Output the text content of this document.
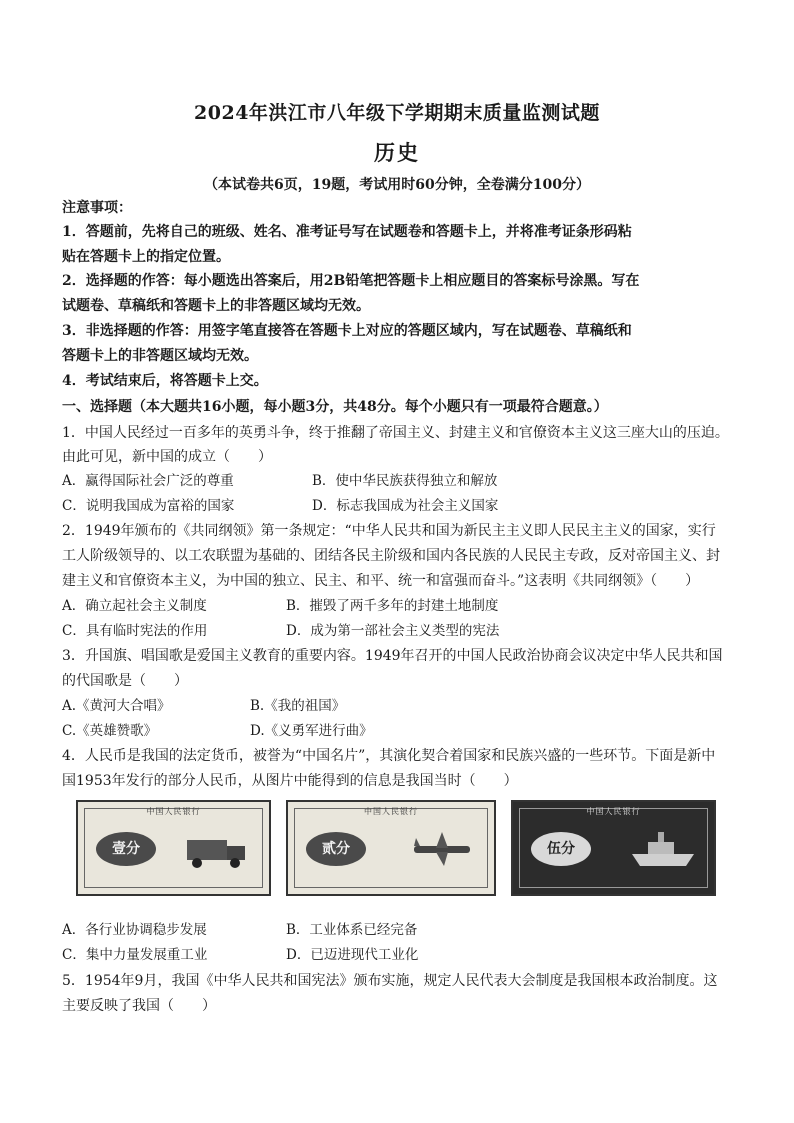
2024年洪江市八年级下学期期末质量监测试题
历史
（本试卷共6页，19题，考试用时60分钟，全卷满分100分）
注意事项：
1．答题前，先将自己的班级、姓名、准考证号写在试题卷和答题卡上，并将准考证条形码粘
贴在答题卡上的指定位置。
2．选择题的作答：每小题选出答案后，用2B铅笔把答题卡上相应题目的答案标号涂黑。写在
试题卷、草稿纸和答题卡上的非答题区域均无效。
3．非选择题的作答：用签字笔直接答在答题卡上对应的答题区域内，写在试题卷、草稿纸和
答题卡上的非答题区域均无效。
4．考试结束后，将答题卡上交。
一、选择题（本大题共16小题，每小题3分，共48分。每个小题只有一项最符合题意。）
1．中国人民经过一百多年的英勇斗争，终于推翻了帝国主义、封建主义和官僚资本主义这三座大山的压迫。
由此可见，新中国的成立（　　）
A．赢得国际社会广泛的尊重	B．使中华民族获得独立和解放
C．说明我国成为富裕的国家	D．标志我国成为社会主义国家
2．1949年颁布的《共同纲领》第一条规定：“中华人民共和国为新民主主义即人民民主主义的国家，实行
工人阶级领导的、以工农联盟为基础的、团结各民主阶级和国内各民族的人民民主专政，反对帝国主义、封
建主义和官僚资本主义，为中国的独立、民主、和平、统一和富强而奋斗。”这表明《共同纲领》（　　）
A．确立起社会主义制度	B．摧毁了两千多年的封建土地制度
C．具有临时宪法的作用	D．成为第一部社会主义类型的宪法
3．升国旗、唱国歌是爱国主义教育的重要内容。1949年召开的中国人民政治协商会议决定中华人民共和国
的代国歌是（　　）
A.《黄河大合唱》	B.《我的祖国》
C.《英雄赞歌》	D.《义勇军进行曲》
4．人民币是我国的法定货币，被誉为“中国名片”，其演化契合着国家和民族兴盛的一些环节。下面是新中
国1953年发行的部分人民币，从图片中能得到的信息是我国当时（　　）
中国人民银行
壹分
中国人民银行
贰分
中国人民银行
伍分
A．各行业协调稳步发展	B．工业体系已经完备
C．集中力量发展重工业	D．已迈进现代工业化
5．1954年9月，我国《中华人民共和国宪法》颁布实施，规定人民代表大会制度是我国根本政治制度。这
主要反映了我国（　　）
